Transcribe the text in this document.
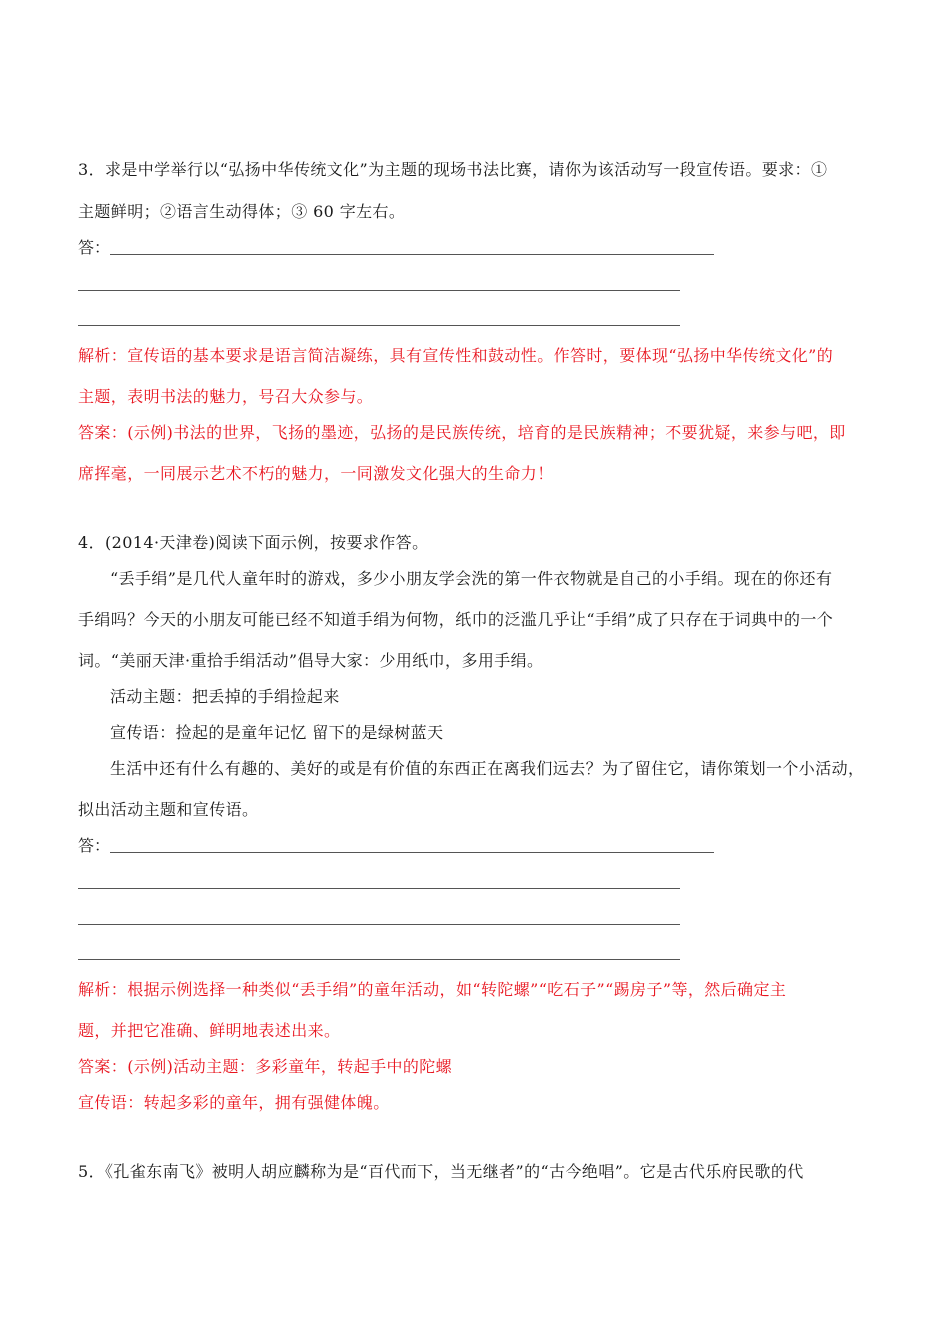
3．求是中学举行以“弘扬中华传统文化”为主题的现场书法比赛，请你为该活动写一段宣传语。要求：①
主题鲜明；②语言生动得体；③ 60 字左右。
答：
解析：宣传语的基本要求是语言简洁凝练，具有宣传性和鼓动性。作答时，要体现“弘扬中华传统文化”的
主题，表明书法的魅力，号召大众参与。
答案：(示例)书法的世界，飞扬的墨迹，弘扬的是民族传统，培育的是民族精神；不要犹疑，来参与吧，即
席挥毫，一同展示艺术不朽的魅力，一同激发文化强大的生命力！
4．(2014·天津卷)阅读下面示例，按要求作答。
“丢手绢”是几代人童年时的游戏，多少小朋友学会洗的第一件衣物就是自己的小手绢。现在的你还有
手绢吗？今天的小朋友可能已经不知道手绢为何物，纸巾的泛滥几乎让“手绢”成了只存在于词典中的一个
词。“美丽天津·重拾手绢活动”倡导大家：少用纸巾，多用手绢。
活动主题：把丢掉的手绢捡起来
宣传语：捡起的是童年记忆 留下的是绿树蓝天
生活中还有什么有趣的、美好的或是有价值的东西正在离我们远去？为了留住它，请你策划一个小活动，
拟出活动主题和宣传语。
答：
解析：根据示例选择一种类似“丢手绢”的童年活动，如“转陀螺”“吃石子”“踢房子”等，然后确定主
题，并把它准确、鲜明地表述出来。
答案：(示例)活动主题：多彩童年，转起手中的陀螺
宣传语：转起多彩的童年，拥有强健体魄。
5．《孔雀东南飞》被明人胡应麟称为是“百代而下，当无继者”的“古今绝唱”。它是古代乐府民歌的代
